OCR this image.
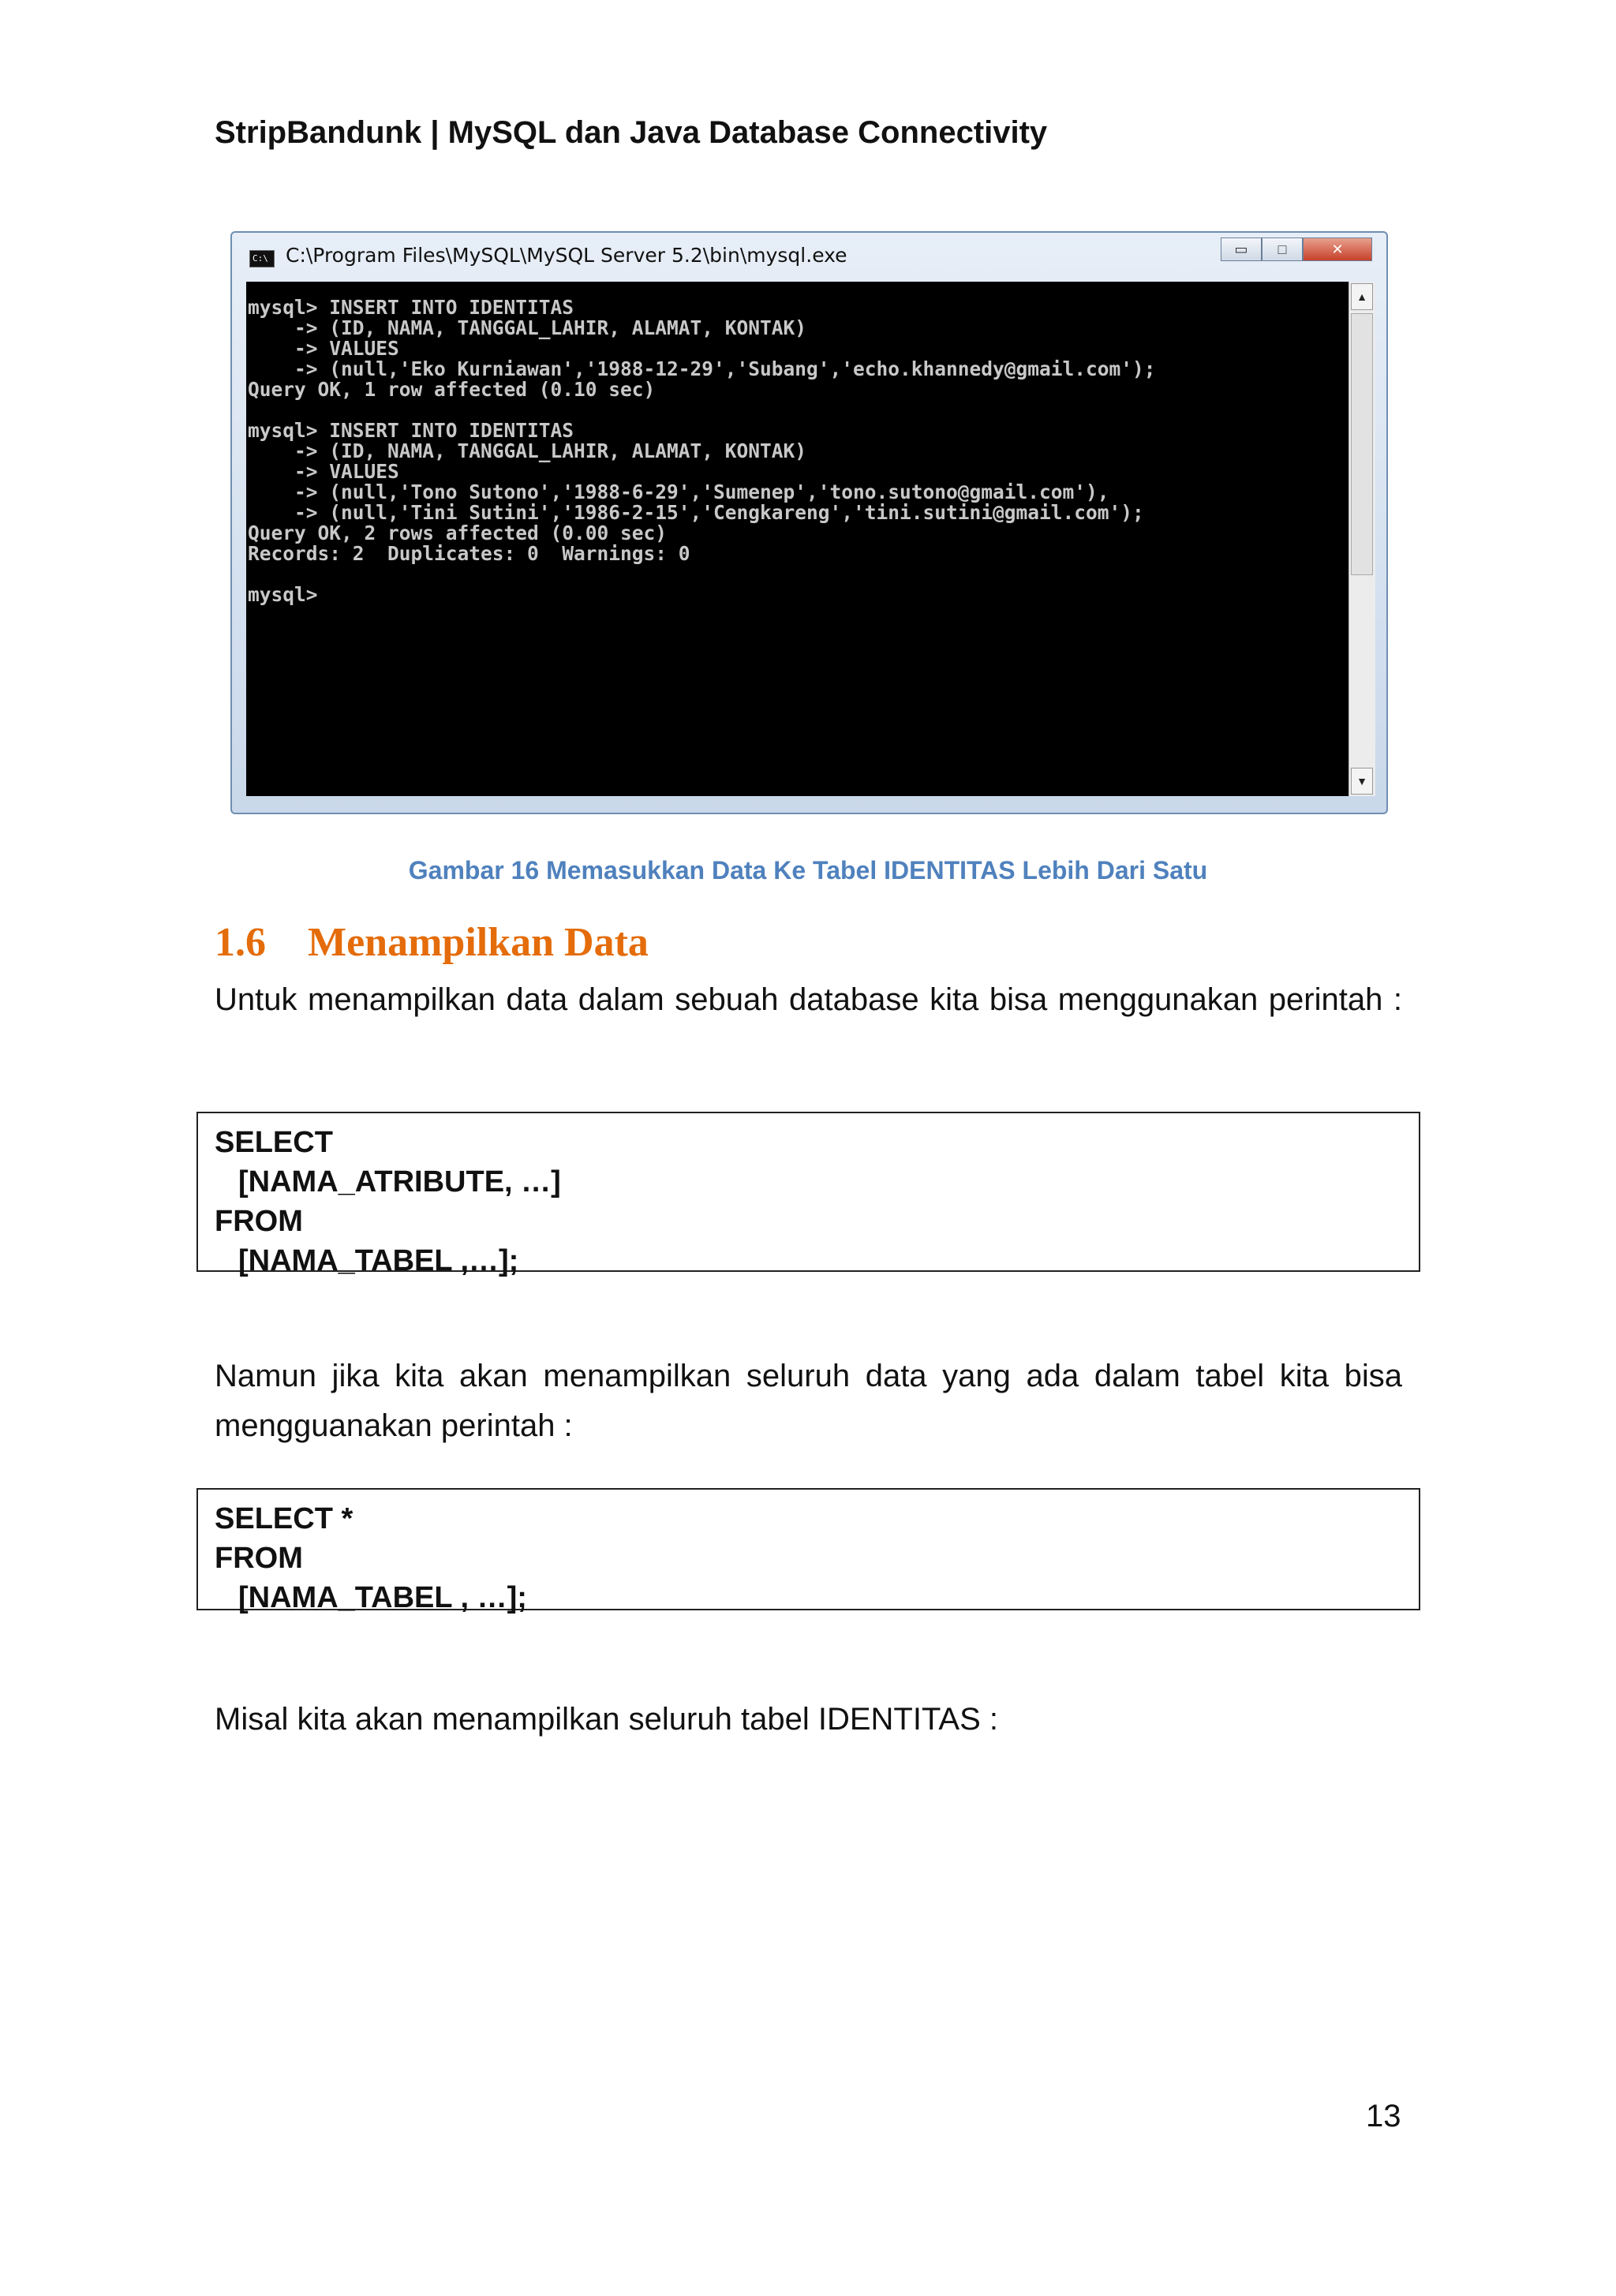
StripBandunk | MySQL dan Java Database Connectivity
C:\ C:\Program Files\MySQL\MySQL Server 5.2\bin\mysql.exe	▭	□	✕
mysql> INSERT INTO IDENTITAS
-> (ID, NAMA, TANGGAL_LAHIR, ALAMAT, KONTAK)
-> VALUES
-> (null,'Eko Kurniawan','1988-12-29','Subang','echo.khannedy@gmail.com');
Query OK, 1 row affected (0.10 sec)

mysql> INSERT INTO IDENTITAS
-> (ID, NAMA, TANGGAL_LAHIR, ALAMAT, KONTAK)
-> VALUES
-> (null,'Tono Sutono','1988-6-29','Sumenep','tono.sutono@gmail.com'),
-> (null,'Tini Sutini','1986-2-15','Cengkareng','tini.sutini@gmail.com');
Query OK, 2 rows affected (0.00 sec)
Records: 2  Duplicates: 0  Warnings: 0

mysql>
▲
▼
Gambar 16 Memasukkan Data Ke Tabel IDENTITAS Lebih Dari Satu
1.6 Menampilkan Data
Untuk menampilkan data dalam sebuah database kita bisa menggunakan perintah :
SELECT
[NAMA_ATRIBUTE, …]
FROM
[NAMA_TABEL ,…];
Namun jika kita akan menampilkan seluruh data yang ada dalam tabel kita bisa mengguanakan perintah :
SELECT *
FROM
[NAMA_TABEL , …];
Misal kita akan menampilkan seluruh tabel IDENTITAS :
13
